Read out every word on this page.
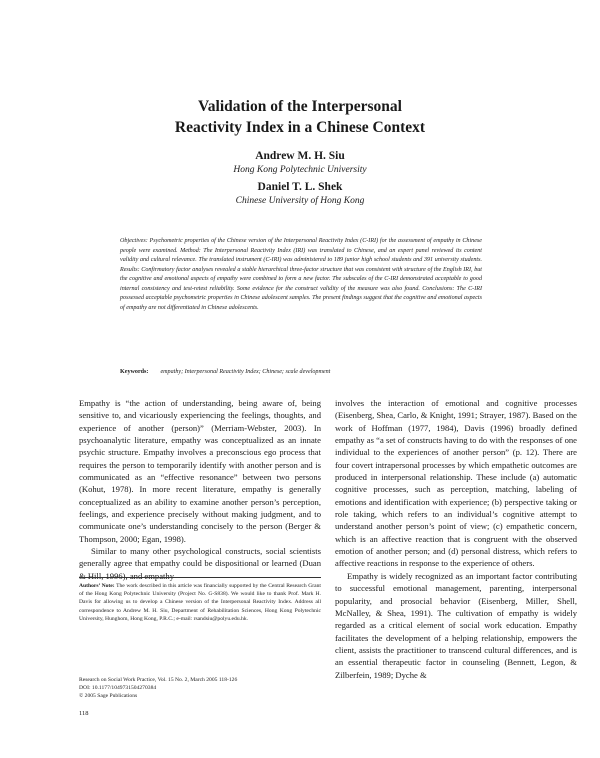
Validation of the Interpersonal
Reactivity Index in a Chinese Context
Andrew M. H. Siu
Hong Kong Polytechnic University
Daniel T. L. Shek
Chinese University of Hong Kong

Objectives: Psychometric properties of the Chinese version of the Interpersonal Reactivity Index (C-IRI) for the assessment of empathy in Chinese people were examined. Method: The Interpersonal Reactivity Index (IRI) was translated to Chinese, and an expert panel reviewed its content validity and cultural relevance. The translated instrument (C-IRI) was administered to 189 junior high school students and 391 university students. Results: Confirmatory factor analyses revealed a stable hierarchical three-factor structure that was consistent with structure of the English IRI, but the cognitive and emotional aspects of empathy were combined to form a new factor. The subscales of the C-IRI demonstrated acceptable to good internal consistency and test-retest reliability. Some evidence for the construct validity of the measure was also found. Conclusions: The C-IRI possessed acceptable psychometric properties in Chinese adolescent samples. The present findings suggest that the cognitive and emotional aspects of empathy are not differentiated in Chinese adolescents.

Keywords: empathy; Interpersonal Reactivity Index; Chinese; scale development

Empathy is “the action of understanding, being aware of, being sensitive to, and vicariously experiencing the feelings, thoughts, and experience of another (person)” (Merriam-Webster, 2003). In psychoanalytic literature, empathy was conceptualized as an innate psychic structure. Empathy involves a preconscious ego process that requires the person to temporarily identify with another person and is communicated as an “effective resonance” between two persons (Kohut, 1978). In more recent literature, empathy is generally conceptualized as an ability to examine another person’s perception, feelings, and experience precisely without making judgment, and to communicate one’s understanding concisely to the person (Berger & Thompson, 2000; Egan, 1998).

Similar to many other psychological constructs, social scientists generally agree that empathy could be dispositional or learned (Duan & Hill, 1996), and empathy

involves the interaction of emotional and cognitive processes (Eisenberg, Shea, Carlo, & Knight, 1991; Strayer, 1987). Based on the work of Hoffman (1977, 1984), Davis (1996) broadly defined empathy as “a set of constructs having to do with the responses of one individual to the experiences of another person” (p. 12). There are four covert intrapersonal processes by which empathetic outcomes are produced in interpersonal relationship. These include (a) automatic cognitive processes, such as perception, matching, labeling of emotions and identification with experience; (b) perspective taking or role taking, which refers to an individual’s cognitive attempt to understand another person’s point of view; (c) empathetic concern, which is an affective reaction that is congruent with the observed emotion of another person; and (d) personal distress, which refers to affective reactions in response to the experience of others.

Empathy is widely recognized as an important factor contributing to successful emotional management, parenting, interpersonal popularity, and prosocial behavior (Eisenberg, Miller, Shell, McNalley, & Shea, 1991). The cultivation of empathy is widely regarded as a critical element of social work education. Empathy facilitates the development of a helping relationship, empowers the client, assists the practitioner to transcend cultural differences, and is an essential therapeutic factor in counseling (Bennett, Legon, & Zilberfein, 1989; Dyche &

Authors’ Note: The work described in this article was financially supported by the Central Research Grant of the Hong Kong Polytechnic University (Project No. G-S838). We would like to thank Prof. Mark H. Davis for allowing us to develop a Chinese version of the Interpersonal Reactivity Index. Address all correspondence to Andrew M. H. Siu, Department of Rehabilitation Sciences, Hong Kong Polytechnic University, Hunghom, Hong Kong, P.R.C.; e-mail: rsandsiu@polyu.edu.hk.

Research on Social Work Practice, Vol. 15 No. 2, March 2005 118-126
DOI: 10.1177/1049731504270384
© 2005 Sage Publications
118
